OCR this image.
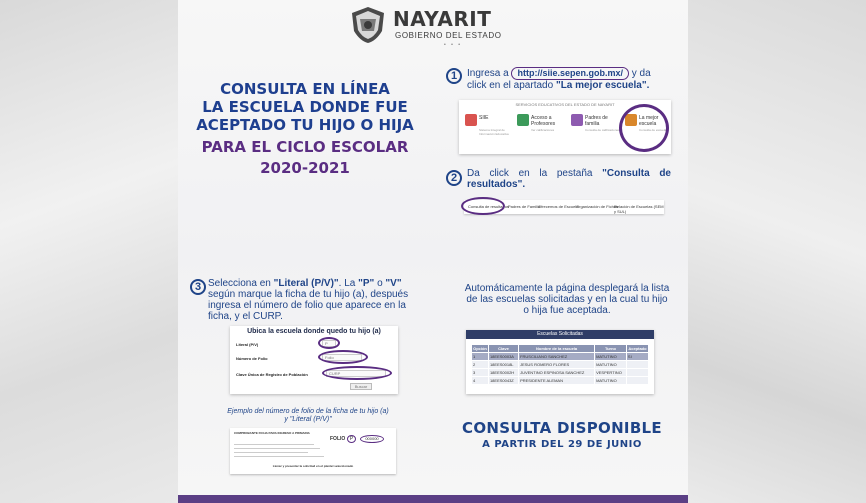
NAYARIT
GOBIERNO DEL ESTADO
• • •
CONSULTA EN LÍNEA
LA ESCUELA DONDE FUE
ACEPTADO TU HIJO O HIJA
PARA EL CICLO ESCOLAR
2020-2021
1 Ingresa a http://siie.sepen.gob.mx/ y da click en el apartado "La mejor escuela".
SERVICIOS EDUCATIVOS DEL ESTADO DE NAYARIT
SIIE
Sistema Integral de Información Educativa
Acceso a Profesores
Ver calificaciones
Padres de familia
Consulta de calificaciones
La mejor escuela
Consulta de escuelas
2 Da click en la pestaña "Consulta de resultados".
Consulta de resultados Padres de Familia
Ofrecemos de Escuela
Organización de Fichas
Relación de Escuelas (SEM y SUL)
3 Selecciona en "Literal (P/V)". La "P" o "V" según marque la ficha de tu hijo (a), después ingresa el número de folio que aparece en la ficha, y el CURP.
Ubica la escuela donde quedo tu hijo (a)
Literal (P/V)	P
Número de Folio	Folio
Clave Única de Registro de Población	CURP
Buscar
Ejemplo del número de folio de la ficha de tu hijo (a)
y "Literal (P/V)"
COMPROBANTE FICHA PARA INGRESO A PRIMARIA
FOLIO P	000000
Llenar y presentar la solicitud en el plantel seleccionado
Automáticamente la página desplegará la lista de las escuelas solicitadas y en la cual tu hijo o hija fue aceptada.
Escuelas Solicitadas
Opción	Clave	Nombre de la escuela	Turno	Aceptado
1	18EES0003A	FRUSCILIANO SANCHEZ	MATUTINO	SI
2	18EES0018L	JESUS ROMERO FLORES	MATUTINO	
3	18EES0002H	JUVENTINO ESPINOSA SANCHEZ	VESPERTINO	
4	18EES0043Z	PRESIDENTE ALEMAN	MATUTINO	
CONSULTA DISPONIBLE
A PARTIR DEL 29 DE JUNIO
